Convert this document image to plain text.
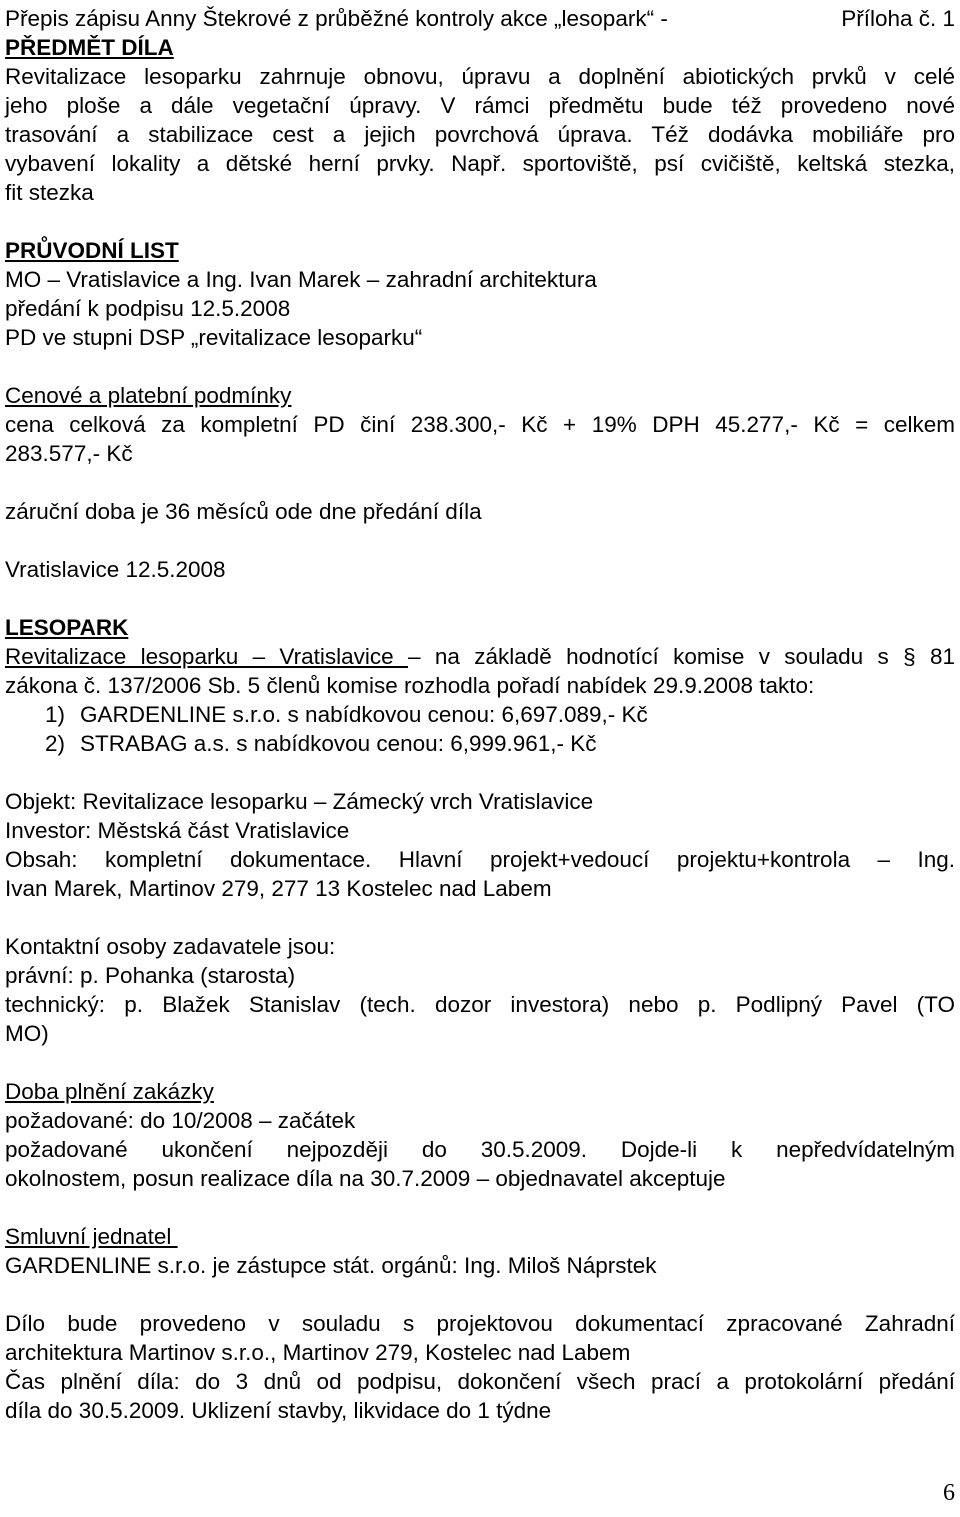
Přepis zápisu Anny Štekrové z průběžné kontroly akce „lesopark“ -	Příloha č. 1

PŘEDMĚT DÍLA

Revitalizace lesoparku zahrnuje obnovu, úpravu a doplnění abiotických prvků v celé

jeho ploše a dále vegetační úpravy. V rámci předmětu bude též provedeno nové

trasování a stabilizace cest a jejich povrchová úprava. Též dodávka mobiliáře pro

vybavení lokality a dětské herní prvky. Např. sportoviště, psí cvičiště, keltská stezka,

fit stezka

PRŮVODNÍ LIST

MO – Vratislavice a Ing. Ivan Marek – zahradní architektura

předání k podpisu 12.5.2008

PD ve stupni DSP „revitalizace lesoparku“

Cenové a platební podmínky

cena celková za kompletní PD činí 238.300,- Kč + 19% DPH 45.277,- Kč = celkem

283.577,- Kč

záruční doba je 36 měsíců ode dne předání díla

Vratislavice 12.5.2008

LESOPARK

Revitalizace lesoparku – Vratislavice – na základě hodnotící komise v souladu s § 81

zákona č. 137/2006 Sb. 5 členů komise rozhodla pořadí nabídek 29.9.2008 takto:

1) GARDENLINE s.r.o. s nabídkovou cenou: 6,697.089,- Kč

2) STRABAG a.s. s nabídkovou cenou: 6,999.961,- Kč

Objekt: Revitalizace lesoparku – Zámecký vrch Vratislavice

Investor: Městská část Vratislavice

Obsah: kompletní dokumentace. Hlavní projekt+vedoucí projektu+kontrola – Ing.

Ivan Marek, Martinov 279, 277 13 Kostelec nad Labem

Kontaktní osoby zadavatele jsou:

právní: p. Pohanka (starosta)

technický: p. Blažek Stanislav (tech. dozor investora) nebo p. Podlipný Pavel (TO

MO)

Doba plnění zakázky

požadované: do 10/2008 – začátek

požadované ukončení nejpozději do 30.5.2009. Dojde-li k nepředvídatelným

okolnostem, posun realizace díla na 30.7.2009 – objednavatel akceptuje

Smluvní jednatel

GARDENLINE s.r.o. je zástupce stát. orgánů: Ing. Miloš Náprstek

Dílo bude provedeno v souladu s projektovou dokumentací zpracované Zahradní

architektura Martinov s.r.o., Martinov 279, Kostelec nad Labem

Čas plnění díla: do 3 dnů od podpisu, dokončení všech prací a protokolární předání

díla do 30.5.2009. Uklizení stavby, likvidace do 1 týdne

6
